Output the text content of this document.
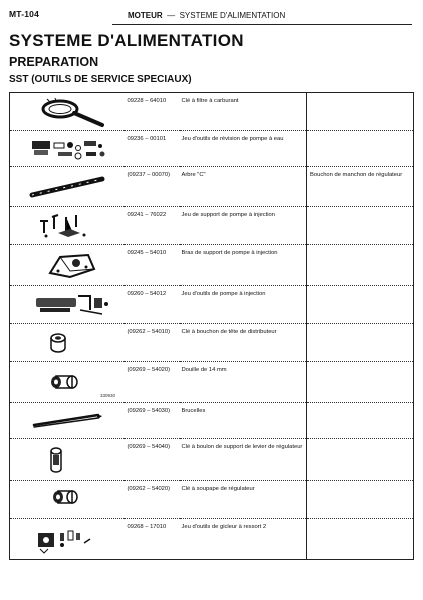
MT-104	MOTEUR — SYSTEME D'ALIMENTATION
SYSTEME D'ALIMENTATION
PREPARATION
SST (OUTILS DE SERVICE SPECIAUX)
	09228 – 64010	Clé à filtre à carburant	

	09236 – 00101	Jeu d'outils de révision de pompe à eau	

	(09237 – 00070)	Arbre "C"	Bouchon de manchon de régulateur

	09241 – 76022	Jeu de support de pompe à injection	

	09245 – 54010	Bras de support de pompe à injection	

	09260 – 54012	Jeu d'outils de pompe à injection	

	(09262 – 54010)	Clé à bouchon de tête de distributeur	

330930	(09269 – 54020)	Douille de 14 mm	

	(09269 – 54030)	Brucelles	

	(09269 – 54040)	Clé à boulon de support de levier de régulateur	

	(09262 – 54020)	Clé à soupape de régulateur	

	09268 – 17010	Jeu d'outils de gicleur à ressort 2	
